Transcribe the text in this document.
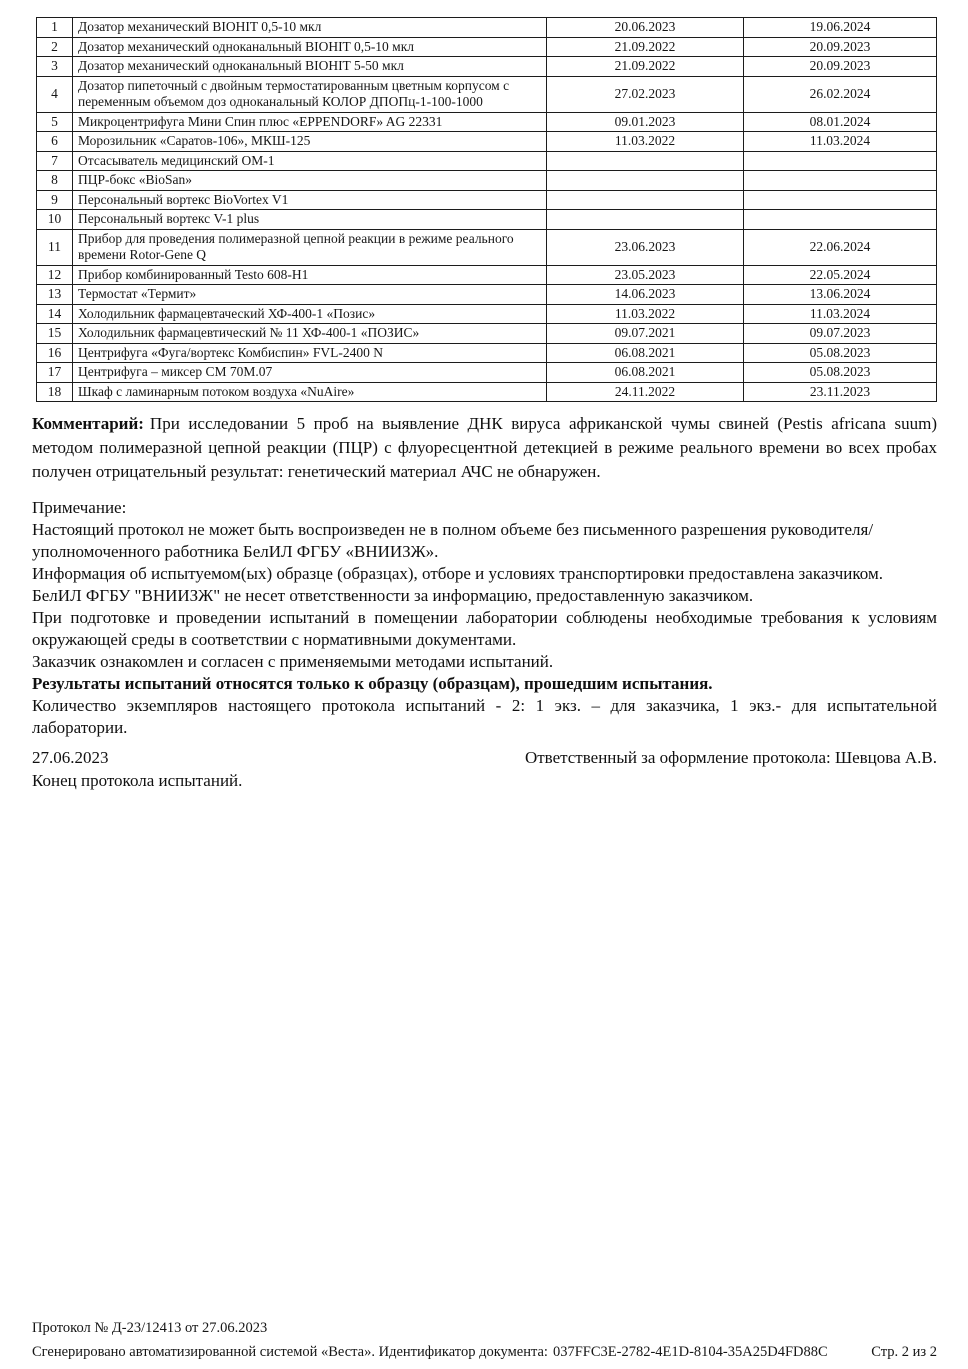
1	Дозатор механический BIOHIT 0,5-10 мкл	20.06.2023	19.06.2024
2	Дозатор механический одноканальный BIOHIT 0,5-10 мкл	21.09.2022	20.09.2023
3	Дозатор механический одноканальный BIOHIT 5-50 мкл	21.09.2022	20.09.2023
4	Дозатор пипеточный с двойным термостатированным цветным корпусом с переменным объемом доз одноканальный КОЛОР ДПОПц-1-100-1000	27.02.2023	26.02.2024
5	Микроцентрифуга Мини Спин плюс «EPPENDORF» AG 22331	09.01.2023	08.01.2024
6	Морозильник «Саратов-106», МКШ-125	11.03.2022	11.03.2024
7	Отсасыватель медицинский ОМ-1		
8	ПЦР-бокс «BioSan»		
9	Персональный вортекс BioVortex V1		
10	Персональный вортекс V-1 plus		
11	Прибор для проведения полимеразной цепной реакции в режиме реального времени Rotor-Gene Q	23.06.2023	22.06.2024
12	Прибор комбинированный Testo 608-H1	23.05.2023	22.05.2024
13	Термостат «Термит»	14.06.2023	13.06.2024
14	Холодильник фармацевтаческий ХФ-400-1 «Позис»	11.03.2022	11.03.2024
15	Холодильник фармацевтический № 11 ХФ-400-1 «ПОЗИС»	09.07.2021	09.07.2023
16	Центрифуга «Фуга/вортекс Комбиспин» FVL-2400 N	06.08.2021	05.08.2023
17	Центрифуга – миксер СМ 70М.07	06.08.2021	05.08.2023
18	Шкаф с ламинарным потоком воздуха «NuAire»	24.11.2022	23.11.2023

Комментарий: При исследовании 5 проб на выявление ДНК вируса африканской чумы свиней (Pestis africana suum) методом полимеразной цепной реакции (ПЦР) с флуоресцентной детекцией в режиме реального времени во всех пробах получен отрицательный результат: генетический материал АЧС не обнаружен.

Примечание:

Настоящий протокол не может быть воспроизведен не в полном объеме без письменного разрешения руководителя/уполномоченного работника БелИЛ ФГБУ «ВНИИЗЖ».

Информация об испытуемом(ых) образце (образцах), отборе и условиях транспортировки предоставлена заказчиком.

БелИЛ ФГБУ "ВНИИЗЖ" не несет ответственности за информацию, предоставленную заказчиком.

При подготовке и проведении испытаний в помещении лаборатории соблюдены необходимые требования к условиям окружающей среды в соответствии с нормативными документами.

Заказчик ознакомлен и согласен с применяемыми методами испытаний.

Результаты испытаний относятся только к образцу (образцам), прошедшим испытания.

Количество экземпляров настоящего протокола испытаний - 2: 1 экз. – для заказчика, 1 экз.- для испытательной лаборатории.

27.06.2023	Ответственный за оформление протокола: Шевцова А.В.

Конец протокола испытаний.

Протокол № Д-23/12413 от 27.06.2023

Сгенерировано автоматизированной системой «Веста». Идентификатор документа: 037FFC3E-2782-4E1D-8104-35A25D4FD88C	Стр. 2 из 2
